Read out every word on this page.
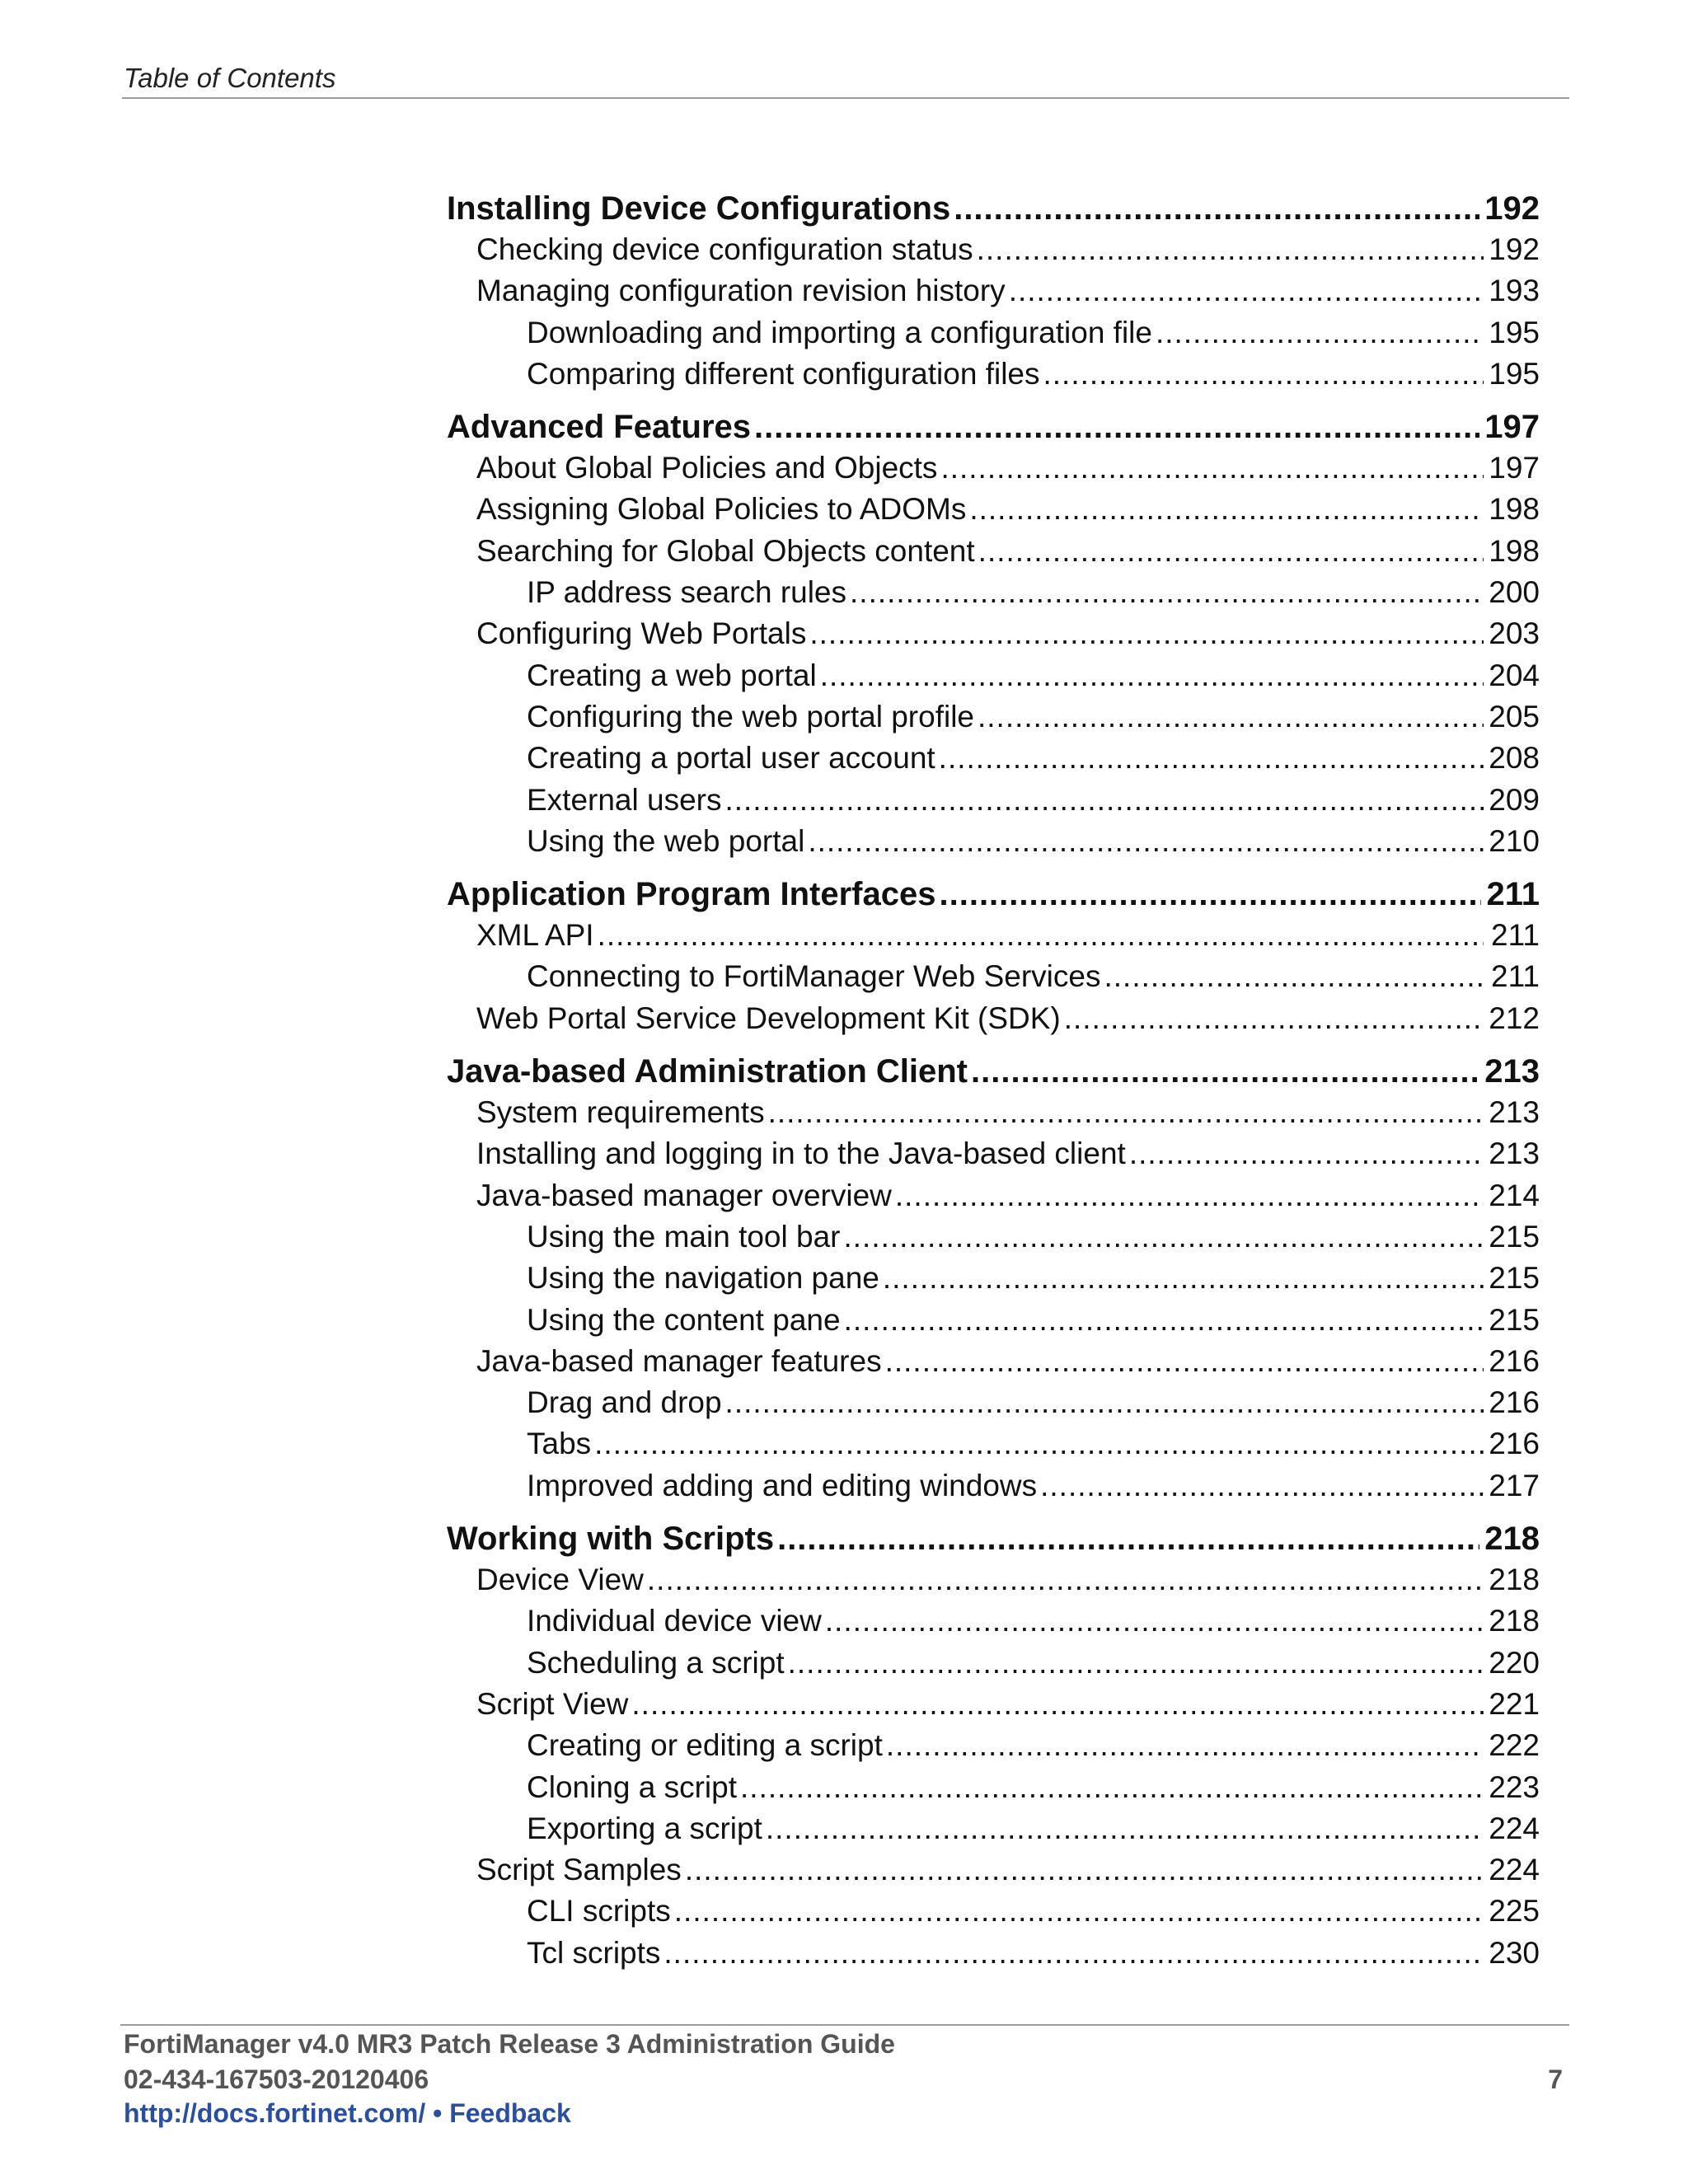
Table of Contents
Installing Device Configurations .....	192
Checking device configuration status .....	192
Managing configuration revision history .....	193
Downloading and importing a configuration file .....	195
Comparing different configuration files .....	195
Advanced Features .....	197
About Global Policies and Objects .....	197
Assigning Global Policies to ADOMs .....	198
Searching for Global Objects content .....	198
IP address search rules .....	200
Configuring Web Portals .....	203
Creating a web portal .....	204
Configuring the web portal profile .....	205
Creating a portal user account .....	208
External users .....	209
Using the web portal .....	210
Application Program Interfaces .....	211
XML API .....	211
Connecting to FortiManager Web Services .....	211
Web Portal Service Development Kit (SDK) .....	212
Java-based Administration Client .....	213
System requirements .....	213
Installing and logging in to the Java-based client .....	213
Java-based manager overview .....	214
Using the main tool bar .....	215
Using the navigation pane .....	215
Using the content pane .....	215
Java-based manager features .....	216
Drag and drop .....	216
Tabs .....	216
Improved adding and editing windows .....	217
Working with Scripts .....	218
Device View .....	218
Individual device view .....	218
Scheduling a script .....	220
Script View .....	221
Creating or editing a script .....	222
Cloning a script .....	223
Exporting a script .....	224
Script Samples .....	224
CLI scripts .....	225
Tcl scripts .....	230
FortiManager v4.0 MR3 Patch Release 3 Administration Guide
02-434-167503-20120406
http://docs.fortinet.com/ • Feedback
7
